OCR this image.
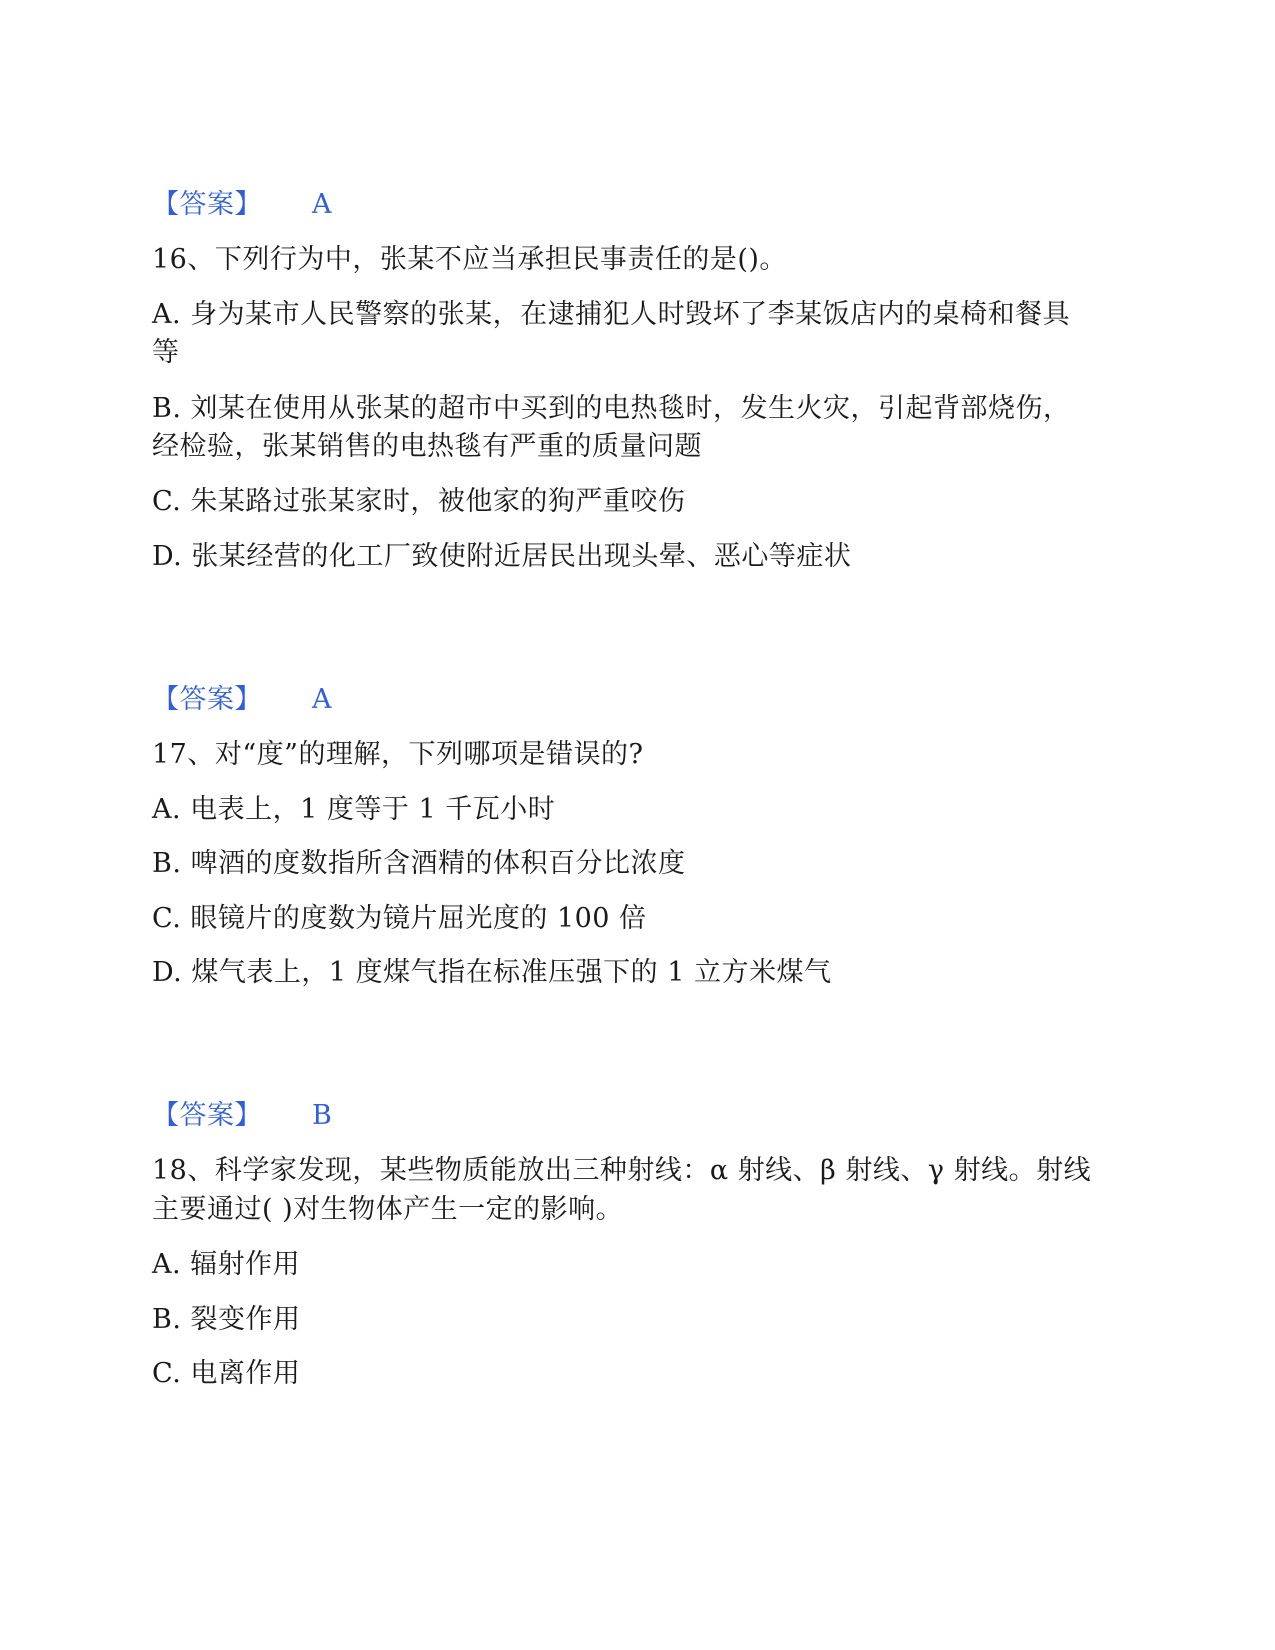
【答案】 A
16、下列行为中，张某不应当承担民事责任的是()。
A. 身为某市人民警察的张某，在逮捕犯人时毁坏了李某饭店内的桌椅和餐具
等
B. 刘某在使用从张某的超市中买到的电热毯时，发生火灾，引起背部烧伤，
经检验，张某销售的电热毯有严重的质量问题
C. 朱某路过张某家时，被他家的狗严重咬伤
D. 张某经营的化工厂致使附近居民出现头晕、恶心等症状
【答案】 A
17、对“度”的理解，下列哪项是错误的?
A. 电表上，1 度等于 1 千瓦小时
B. 啤酒的度数指所含酒精的体积百分比浓度
C. 眼镜片的度数为镜片屈光度的 100 倍
D. 煤气表上，1 度煤气指在标准压强下的 1 立方米煤气
【答案】 B
18、科学家发现，某些物质能放出三种射线：α 射线、β 射线、γ 射线。射线
主要通过( )对生物体产生一定的影响。
A. 辐射作用
B. 裂变作用
C. 电离作用
